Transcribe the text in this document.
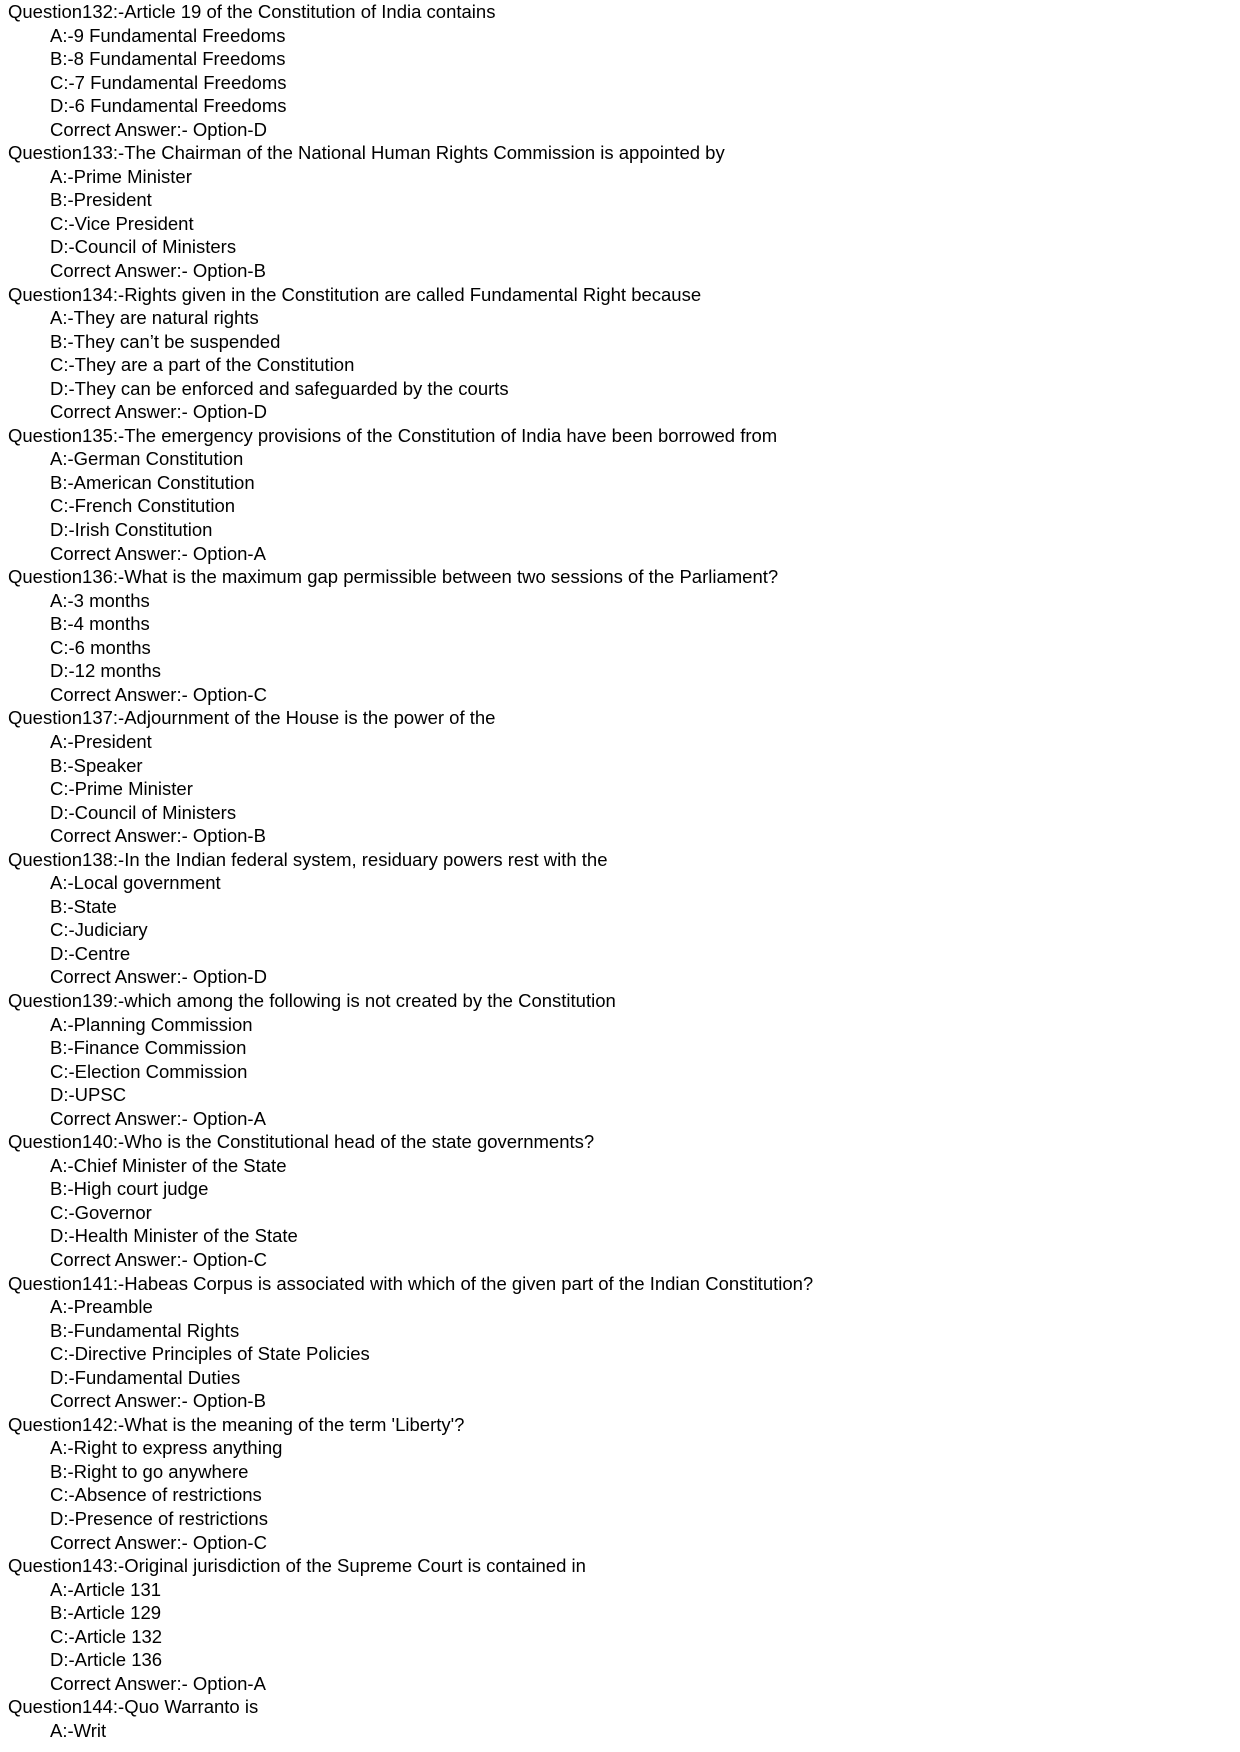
Question132:-Article 19 of the Constitution of India contains
A:-9 Fundamental Freedoms
B:-8 Fundamental Freedoms
C:-7 Fundamental Freedoms
D:-6 Fundamental Freedoms
Correct Answer:- Option-D
Question133:-The Chairman of the National Human Rights Commission is appointed by
A:-Prime Minister
B:-President
C:-Vice President
D:-Council of Ministers
Correct Answer:- Option-B
Question134:-Rights given in the Constitution are called Fundamental Right because
A:-They are natural rights
B:-They can’t be suspended
C:-They are a part of the Constitution
D:-They can be enforced and safeguarded by the courts
Correct Answer:- Option-D
Question135:-The emergency provisions of the Constitution of India have been borrowed from
A:-German Constitution
B:-American Constitution
C:-French Constitution
D:-Irish Constitution
Correct Answer:- Option-A
Question136:-What is the maximum gap permissible between two sessions of the Parliament?
A:-3 months
B:-4 months
C:-6 months
D:-12 months
Correct Answer:- Option-C
Question137:-Adjournment of the House is the power of the
A:-President
B:-Speaker
C:-Prime Minister
D:-Council of Ministers
Correct Answer:- Option-B
Question138:-In the Indian federal system, residuary powers rest with the
A:-Local government
B:-State
C:-Judiciary
D:-Centre
Correct Answer:- Option-D
Question139:-which among the following is not created by the Constitution
A:-Planning Commission
B:-Finance Commission
C:-Election Commission
D:-UPSC
Correct Answer:- Option-A
Question140:-Who is the Constitutional head of the state governments?
A:-Chief Minister of the State
B:-High court judge
C:-Governor
D:-Health Minister of the State
Correct Answer:- Option-C
Question141:-Habeas Corpus is associated with which of the given part of the Indian Constitution?
A:-Preamble
B:-Fundamental Rights
C:-Directive Principles of State Policies
D:-Fundamental Duties
Correct Answer:- Option-B
Question142:-What is the meaning of the term 'Liberty'?
A:-Right to express anything
B:-Right to go anywhere
C:-Absence of restrictions
D:-Presence of restrictions
Correct Answer:- Option-C
Question143:-Original jurisdiction of the Supreme Court is contained in
A:-Article 131
B:-Article 129
C:-Article 132
D:-Article 136
Correct Answer:- Option-A
Question144:-Quo Warranto is
A:-Writ
